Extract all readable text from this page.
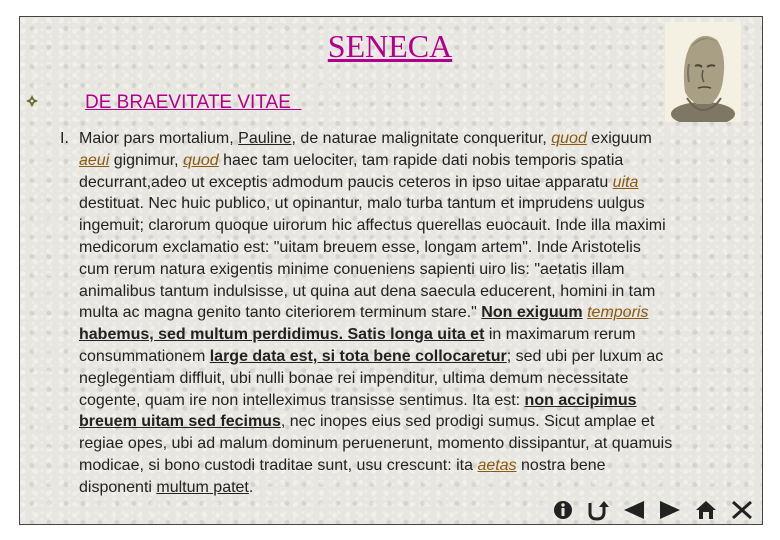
SENECA
DE BRAEVITATE VITAE
I. Maior pars mortalium, Pauline, de naturae malignitate conqueritur, quod exiguum
aeui gignimur, quod haec tam uelociter, tam rapide dati nobis temporis spatia
decurrant,adeo ut exceptis admodum paucis ceteros in ipso uitae apparatu uita
destituat. Nec huic publico, ut opinantur, malo turba tantum et imprudens uulgus
ingemuit; clarorum quoque uirorum hic affectus querellas euocauit. Inde illa maximi
medicorum exclamatio est: "uitam breuem esse, longam artem". Inde Aristotelis
cum rerum natura exigentis minime conueniens sapienti uiro lis: "aetatis illam
animalibus tantum indulsisse, ut quina aut dena saecula educerent, homini in tam
multa ac magna genito tanto citeriorem terminum stare." Non exiguum temporis
habemus, sed multum perdidimus. Satis longa uita et in maximarum rerum
consummationem large data est, si tota bene collocaretur; sed ubi per luxum ac
neglegentiam diffluit, ubi nulli bonae rei impenditur, ultima demum necessitate
cogente, quam ire non intelleximus transisse sentimus. Ita est: non accipimus
breuem uitam sed fecimus, nec inopes eius sed prodigi sumus. Sicut amplae et
regiae opes, ubi ad malum dominum peruenerunt, momento dissipantur, at quamuis
modicae, si bono custodi traditae sunt, usu crescunt: ita aetas nostra bene
disponenti multum patet.
